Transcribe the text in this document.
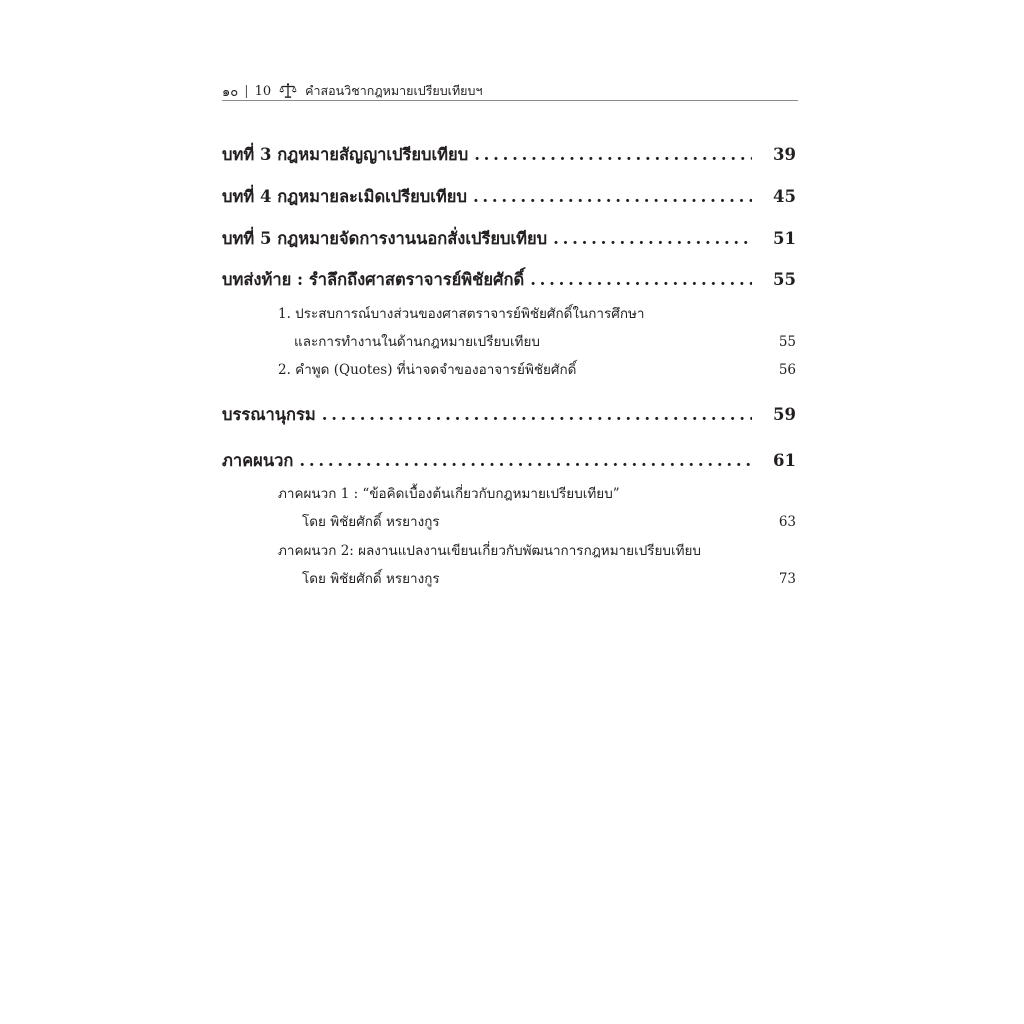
๑๐ | 10	คำสอนวิชากฎหมายเปรียบเทียบฯ
บทที่ 3 กฎหมายสัญญาเปรียบเทียบ . . .	39
บทที่ 4 กฎหมายละเมิดเปรียบเทียบ . . .	45
บทที่ 5 กฎหมายจัดการงานนอกสั่งเปรียบเทียบ . . .	51
บทส่งท้าย : รำลึกถึงศาสตราจารย์พิชัยศักดิ์ . . .	55
1. ประสบการณ์บางส่วนของศาสตราจารย์พิชัยศักดิ์ในการศึกษา
และการทำงานในด้านกฎหมายเปรียบเทียบ	55
2. คำพูด (Quotes) ที่น่าจดจำของอาจารย์พิชัยศักดิ์	56
บรรณานุกรม . . .	59
ภาคผนวก . . .	61
ภาคผนวก 1 : “ข้อคิดเบื้องต้นเกี่ยวกับกฎหมายเปรียบเทียบ”
โดย พิชัยศักดิ์ หรยางกูร	63
ภาคผนวก 2: ผลงานแปลงานเขียนเกี่ยวกับพัฒนาการกฎหมายเปรียบเทียบ
โดย พิชัยศักดิ์ หรยางกูร	73
